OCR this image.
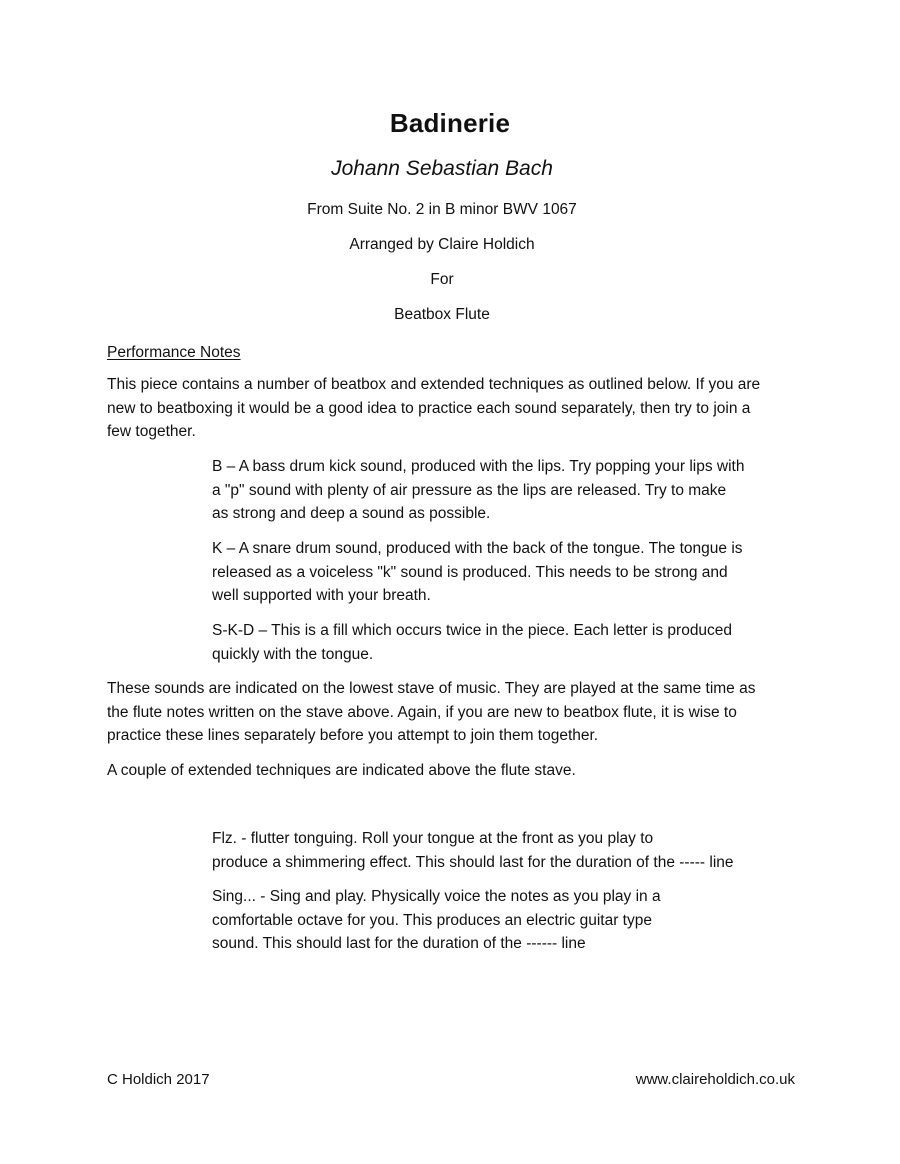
Badinerie
Johann Sebastian Bach
From Suite No. 2 in B minor BWV 1067
Arranged by Claire Holdich
For
Beatbox Flute
Performance Notes
This piece contains a number of beatbox and extended techniques as outlined below. If you are
new to beatboxing it would be a good idea to practice each sound separately, then try to join a
few together.
B – A bass drum kick sound, produced with the lips. Try popping your lips with
a "p" sound with plenty of air pressure as the lips are released. Try to make
as strong and deep a sound as possible.
K – A snare drum sound, produced with the back of the tongue. The tongue is
released as a voiceless "k" sound is produced. This needs to be strong and
well supported with your breath.
S-K-D – This is a fill which occurs twice in the piece. Each letter is produced
quickly with the tongue.
These sounds are indicated on the lowest stave of music. They are played at the same time as
the flute notes written on the stave above. Again, if you are new to beatbox flute, it is wise to
practice these lines separately before you attempt to join them together.
A couple of extended techniques are indicated above the flute stave.
Flz. - flutter tonguing. Roll your tongue at the front as you play to
produce a shimmering effect. This should last for the duration of the ----- line
Sing... - Sing and play. Physically voice the notes as you play in a
comfortable octave for you. This produces an electric guitar type
sound. This should last for the duration of the ------ line
C Holdich 2017	www.claireholdich.co.uk
